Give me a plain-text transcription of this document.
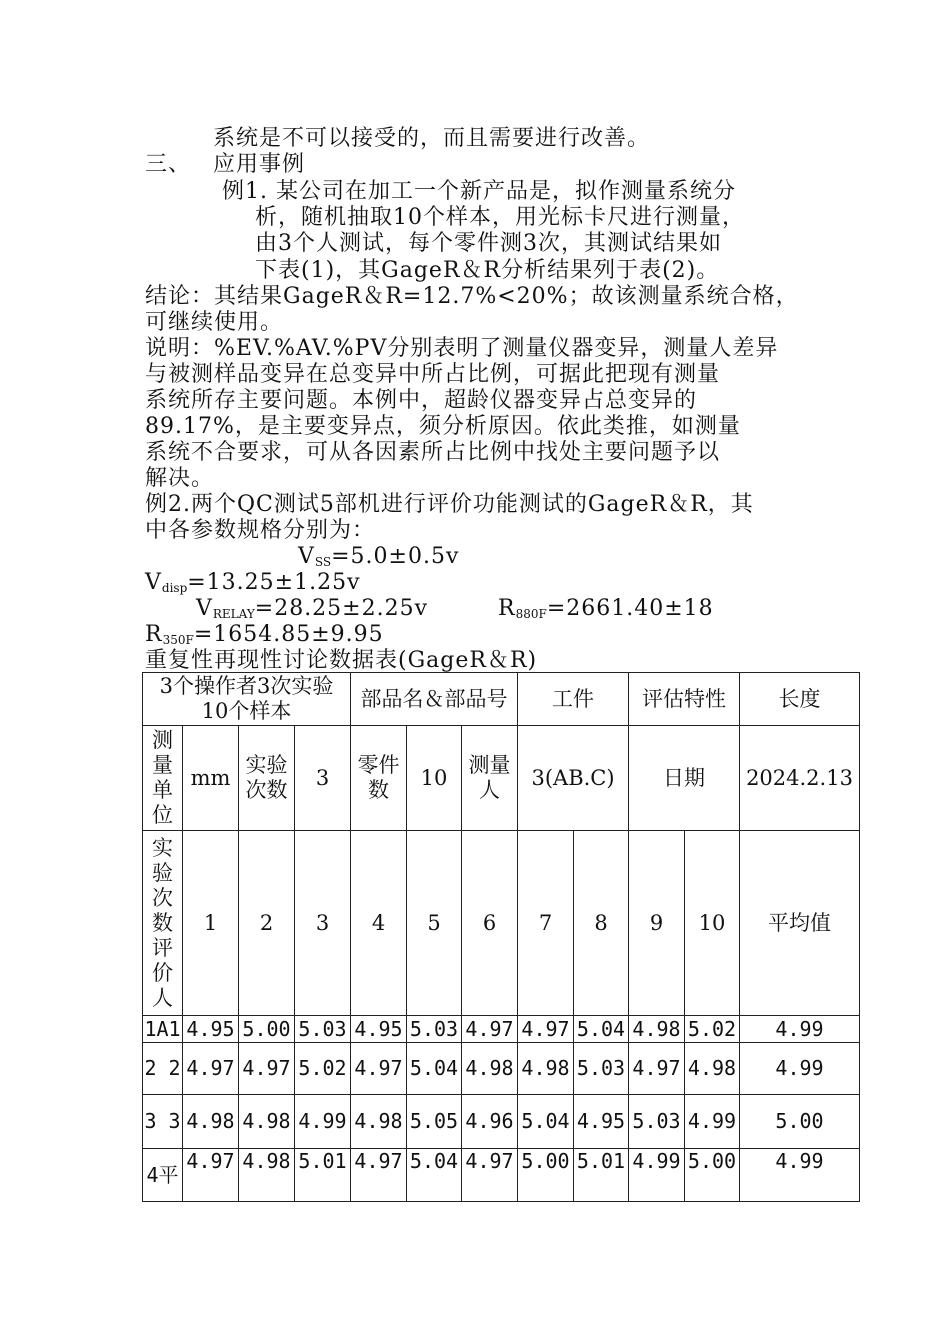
系统是不可以接受的，而且需要进行改善。
三、 应用事例
例1. 某公司在加工一个新产品是，拟作测量系统分
析，随机抽取10个样本，用光标卡尺进行测量，
由3个人测试，每个零件测3次，其测试结果如
下表(1)，其GageR＆R分析结果列于表(2)。
结论：其结果GageR＆R=12.7%<20%；故该测量系统合格，
可继续使用。
说明：%EV.%AV.%PV分别表明了测量仪器变异，测量人差异
与被测样品变异在总变异中所占比例，可据此把现有测量
系统所存主要问题。本例中，超龄仪器变异占总变异的
89.17%，是主要变异点，须分析原因。依此类推，如测量
系统不合要求，可从各因素所占比例中找处主要问题予以
解决。
例2.两个QC测试5部机进行评价功能测试的GageR＆R，其
中各参数规格分别为：
$V_{SS}=5.0\pm 0.5v$
$V_{disp}=13.25\pm 1.25v$
$V_{RELAY}=28.25\pm 2.25v$	$R_{880F}=2661.40\pm 18$
$R_{350F}=1654.85\pm 9.95$
重复性再现性讨论数据表(GageR＆R)
3个操作者3次实验10个样本				部品名＆部品号			工件		评估特性		长度
测量单位	mm	实验次数	3	零件数	10	测量人	3(AB.C)		日期		2024.2.13
实验次数评价人	1	2	3	4	5	6	7	8	9	10	平均值
1A1	4.95	5.00	5.03	4.95	5.03	4.97	4.97	5.04	4.98	5.02	4.99
2 2	4.97	4.97	5.02	4.97	5.04	4.98	4.98	5.03	4.97	4.98	4.99
3 3	4.98	4.98	4.99	4.98	5.05	4.96	5.04	4.95	5.03	4.99	5.00
4平	4.97	4.98	5.01	4.97	5.04	4.97	5.00	5.01	4.99	5.00	4.99
